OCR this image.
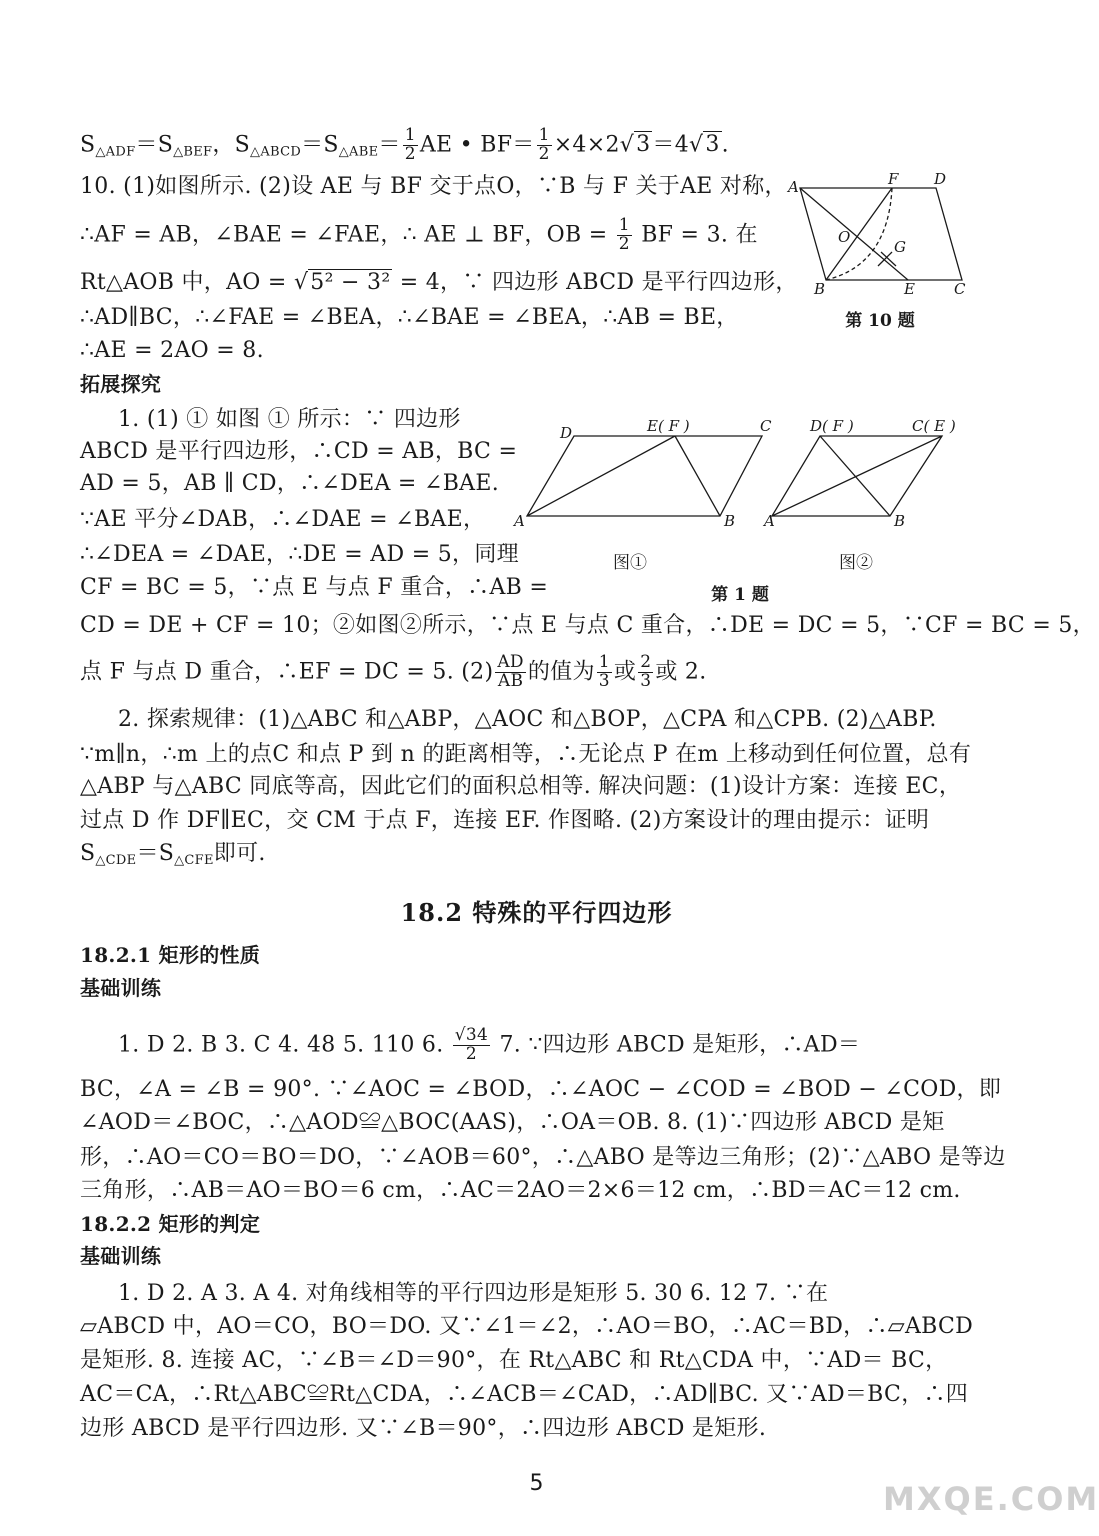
$S_{\triangle ADF}=S_{\triangle BEF}$，$S_{\triangle ABCD}=S_{\triangle ABE}= \frac{1}{2}$ AE • $BF= \frac{1}{2} \times 4\times 2√3=4√3$.
10. (1)如图所示. (2)设 AE 与 BF 交于点O，∵B 与 F 关于AE 对称，
∴AF = AB，∠BAE = ∠FAE，∴ AE ⊥ BF，OB = $\frac{1}{2}$ BF = 3. 在
Rt△AOB 中，AO = √5² − 3² = 4，∵ 四边形 ABCD 是平行四边形，
∴AD∥BC，∴∠FAE = ∠BEA，∴∠BAE = ∠BEA，∴AB = BE，
∴AE = 2AO = 8.
A	F D
O
G
B	E	C
第 10 题
拓展探究
1. (1) ① 如图 ① 所示：∵ 四边形
ABCD 是平行四边形，∴CD = AB，BC =
AD = 5，AB ∥ CD，∴∠DEA = ∠BAE.
∵AE 平分∠DAB，∴∠DAE = ∠BAE，
∴∠DEA = ∠DAE，∴DE = AD = 5，同理
CF = BC = 5，∵点 E 与点 F 重合，∴AB =
D	E( F )	C
A	B
图①
D( F )	C( E )
A	B
图②
第 1 题
CD = DE + CF = 10；②如图②所示，∵点 E 与点 C 重合，∴DE = DC = 5，∵CF = BC = 5，
点 F 与点 D 重合，∴EF = DC = 5. $(2) \frac{AD}{AB}$ 的值为 $\frac{1}{3}$ 或 $\frac{2}{3}$ 或 2.
2. 探索规律：(1)△ABC 和△ABP，△AOC 和△BOP，△CPA 和△CPB. (2)△ABP.
∵m∥n，∴m 上的点C 和点 P 到 n 的距离相等，∴无论点 P 在m 上移动到任何位置，总有
△ABP 与△ABC 同底等高，因此它们的面积总相等. 解决问题：(1)设计方案：连接 EC，
过点 D 作 DF∥EC，交 CM 于点 F，连接 EF. 作图略. (2)方案设计的理由提示：证明
$S_{\triangle CDE}=S_{\triangle CFE}$即可.
18.2 特殊的平行四边形
18.2.1 矩形的性质
基础训练
1. D 2. B 3. C 4. 48 5. 110 6. $\frac{√34}{2} 7$. ∵四边形 ABCD 是矩形，∴AD＝
BC，∠A = ∠B = 90°. ∵∠AOC = ∠BOD，∴∠AOC − ∠COD = ∠BOD − ∠COD，即
∠AOD＝∠BOC，∴△AOD≌△BOC(AAS)，∴OA＝OB. 8. (1)∵四边形 ABCD 是矩
形，∴AO＝CO＝BO＝DO，∵∠AOB＝60°，∴△ABO 是等边三角形；(2)∵△ABO 是等边
三角形，∴AB＝AO＝BO＝6 cm，∴AC＝2AO＝2×6＝12 cm，∴BD＝AC＝12 cm.
18.2.2 矩形的判定
基础训练
1. D 2. A 3. A 4. 对角线相等的平行四边形是矩形 5. 30 6. 12 7. ∵在
▱ABCD 中，AO＝CO，BO＝DO. 又∵∠1＝∠2，∴AO＝BO，∴AC＝BD，∴▱ABCD
是矩形. 8. 连接 AC，∵∠B＝∠D＝90°，在 Rt△ABC 和 Rt△CDA 中，∵AD＝ BC，
AC＝CA，∴Rt△ABC≌Rt△CDA，∴∠ACB＝∠CAD，∴AD∥BC. 又∵AD＝BC，∴四
边形 ABCD 是平行四边形. 又∵∠B＝90°，∴四边形 ABCD 是矩形.
5	MXQE.COM
